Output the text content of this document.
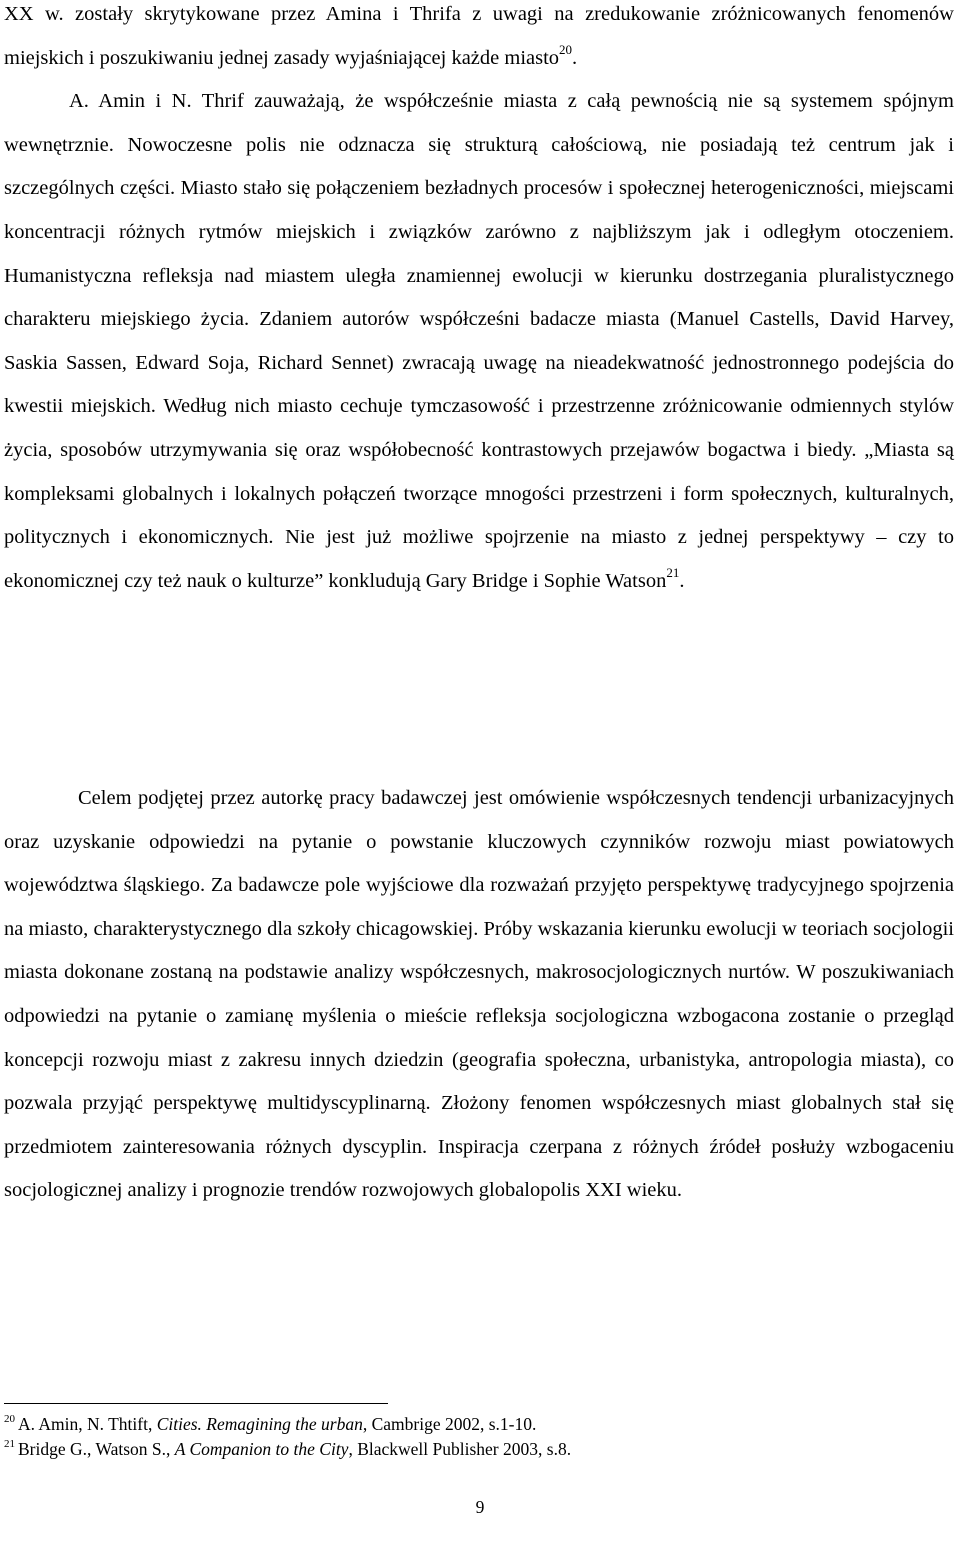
XX w. zostały skrytykowane przez Amina i Thrifa z uwagi na zredukowanie zróżnicowanych fenomenów miejskich i poszukiwaniu jednej zasady wyjaśniającej każde miasto$^{20}$.
A. Amin i N. Thrif zauważają, że współcześnie miasta z całą pewnością nie są systemem spójnym wewnętrznie. Nowoczesne polis nie odznacza się strukturą całościową, nie posiadają też centrum jak i szczególnych części. Miasto stało się połączeniem bezładnych procesów i społecznej heterogeniczności, miejscami koncentracji różnych rytmów miejskich i związków zarówno z najbliższym jak i odległym otoczeniem. Humanistyczna refleksja nad miastem uległa znamiennej ewolucji w kierunku dostrzegania pluralistycznego charakteru miejskiego życia. Zdaniem autorów współcześni badacze miasta (Manuel Castells, David Harvey, Saskia Sassen, Edward Soja, Richard Sennet) zwracają uwagę na nieadekwatność jednostronnego podejścia do kwestii miejskich. Według nich miasto cechuje tymczasowość i przestrzenne zróżnicowanie odmiennych stylów życia, sposobów utrzymywania się oraz współobecność kontrastowych przejawów bogactwa i biedy. „Miasta są kompleksami globalnych i lokalnych połączeń tworzące mnogości przestrzeni i form społecznych, kulturalnych, politycznych i ekonomicznych. Nie jest już możliwe spojrzenie na miasto z jednej perspektywy – czy to ekonomicznej czy też nauk o kulturze” konkludują Gary Bridge i Sophie Watson$^{21}$.

Celem podjętej przez autorkę pracy badawczej jest omówienie współczesnych tendencji urbanizacyjnych oraz uzyskanie odpowiedzi na pytanie o powstanie kluczowych czynników rozwoju miast powiatowych województwa śląskiego. Za badawcze pole wyjściowe dla rozważań przyjęto perspektywę tradycyjnego spojrzenia na miasto, charakterystycznego dla szkoły chicagowskiej. Próby wskazania kierunku ewolucji w teoriach socjologii miasta dokonane zostaną na podstawie analizy współczesnych, makrosocjologicznych nurtów. W poszukiwaniach odpowiedzi na pytanie o zamianę myślenia o mieście refleksja socjologiczna wzbogacona zostanie o przegląd koncepcji rozwoju miast z zakresu innych dziedzin (geografia społeczna, urbanistyka, antropologia miasta), co pozwala przyjąć perspektywę multidyscyplinarną. Złożony fenomen współczesnych miast globalnych stał się przedmiotem zainteresowania różnych dyscyplin. Inspiracja czerpana z różnych źródeł posłuży wzbogaceniu socjologicznej analizy i prognozie trendów rozwojowych globalopolis XXI wieku.

$^{20}$ A. Amin, N. Thtift, Cities. Remagining the urban, Cambrige 2002, s.1-10.

$^{21}$ Bridge G., Watson S., A Companion to the City, Blackwell Publisher 2003, s.8.

9
